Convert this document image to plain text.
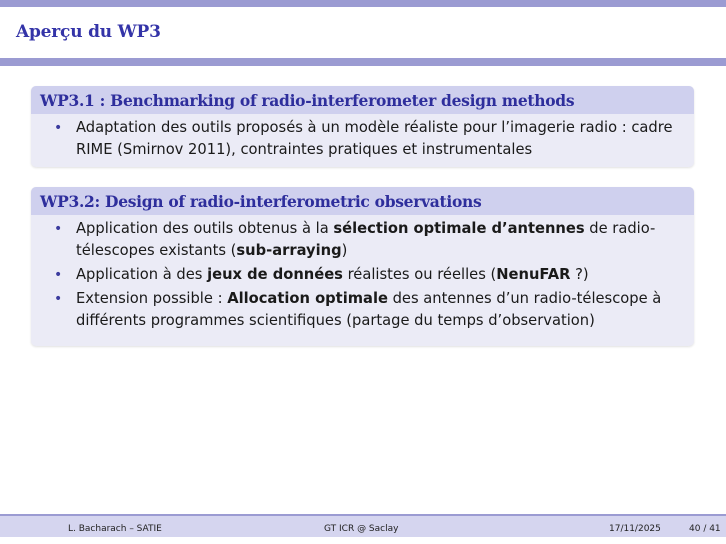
Aperçu du WP3
WP3.1 : Benchmarking of radio-interferometer design methods
• Adaptation des outils proposés à un modèle réaliste pour l’imagerie radio : cadre RIME (Smirnov 2011), contraintes pratiques et instrumentales
WP3.2: Design of radio-interferometric observations
• Application des outils obtenus à la sélection optimale d’antennes de radio-télescopes existants (sub-arraying)
• Application à des jeux de données réalistes ou réelles (NenuFAR ?)
• Extension possible : Allocation optimale des antennes d’un radio-télescope à différents programmes scientifiques (partage du temps d’observation)
L. Bacharach – SATIE	GT ICR @ Saclay	17/11/2025	40 / 41
